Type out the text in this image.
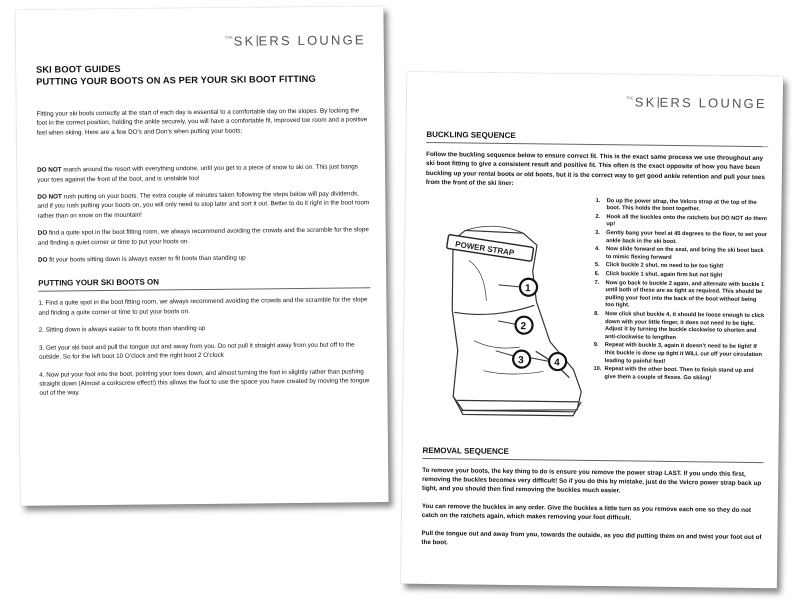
THE SK ERS LOUNGE
SKI BOOT GUIDES
PUTTING YOUR BOOTS ON AS PER YOUR SKI BOOT FITTING

Fitting your ski boots correctly at the start of each day is essential to a comfortable day on the slopes. By locking the foot in the correct position, holding the ankle securely, you will have a comfortable fit, improved toe room and a positive feel when skiing. Here are a few DO’s and Don’s when putting your boots:

DO NOT march around the resort with everything undone, until you get to a piece of snow to ski on. This just bangs your toes against the front of the boot, and is unstable too!

DO NOT rush putting on your boots. The extra couple of minutes taken following the steps below will pay dividends, and if you rush putting your boots on, you will only need to stop later and sort it out. Better to do it right in the boot room rather than on snow on the mountain!

DO find a quite spot in the boot fitting room, we always recommend avoiding the crowds and the scramble for the slope and finding a quiet corner or time to put your boots on.

DO fit your boots sitting down is always easier to fit boots than standing up

PUTTING YOUR SKI BOOTS ON

1. Find a quite spot in the boot fitting room, we always recommend avoiding the crowds and the scramble for the slope and finding a quite corner or time to put your boots on.

2. Sitting down is always easier to fit boots than standing up

3. Get your ski boot and pull the tongue out and away from you. Do not pull it straight away from you but off to the outside. So for the left boot 10 O’clock and the right boot 2 O’clock

4. Now put your foot into the boot, pointing your toes down, and almost turning the foot in slightly rather than pushing straight down (Almost a corkscrew effect!) this allows the foot to use the space you have created by moving the tongue out of the way.

THE SK ERS LOUNGE
BUCKLING SEQUENCE

Follow the buckling sequence below to ensure correct fit. This is the exact same process we use throughout any ski boot fitting to give a consistent result and positive fit. This often is the exact opposite of how you have been buckling up your rental boots or old boots, but it is the correct way to get good ankle retention and pull your toes from the front of the ski liner:

POWER STRAP
1
2
3	4
1.	Do up the power strap, the Velcro strap at the top of the boot. This holds the boot together.
2.	Hook all the buckles onto the ratchets but DO NOT do them up!
3.	Gently bang your heel at 45 degrees to the floor, to set your ankle back in the ski boot.
4.	Now slide forward on the seat, and bring the ski boot back to mimic flexing forward
5.	Click buckle 2 shut, no need to be too tight!
6.	Click buckle 1 shut, again firm but not tight
7.	Now go back to buckle 2 again, and alternate with buckle 1 until both of these are as tight as required. This should be pulling your foot into the back of the boot without being too tight.
8.	Now click shut buckle 4, it should be loose enough to click down with your little finger, it does not need to be tight. Adjust it by turning the buckle clockwise to shorten and anti-clockwise to lengthen
9.	Repeat with buckle 3, again it doesn’t need to be tight! If this buckle is done up tight it WILL cut off your circulation leading to painful feet!
10. Repeat with the other boot. Then to finish stand up and give them a couple of flexes. Go skiing!
REMOVAL SEQUENCE

To remove your boots, the key thing to do is ensure you remove the power strap LAST. If you undo this first, removing the buckles becomes very difficult! So if you do this by mistake, just do the Velcro power strap back up tight, and you should then find removing the buckles much easier.

You can remove the buckles in any order. Give the buckles a little turn as you remove each one so they do not catch on the ratchets again, which makes removing your foot difficult.

Pull the tongue out and away from you, towards the outside, as you did putting them on and twist your foot out of the boot.
